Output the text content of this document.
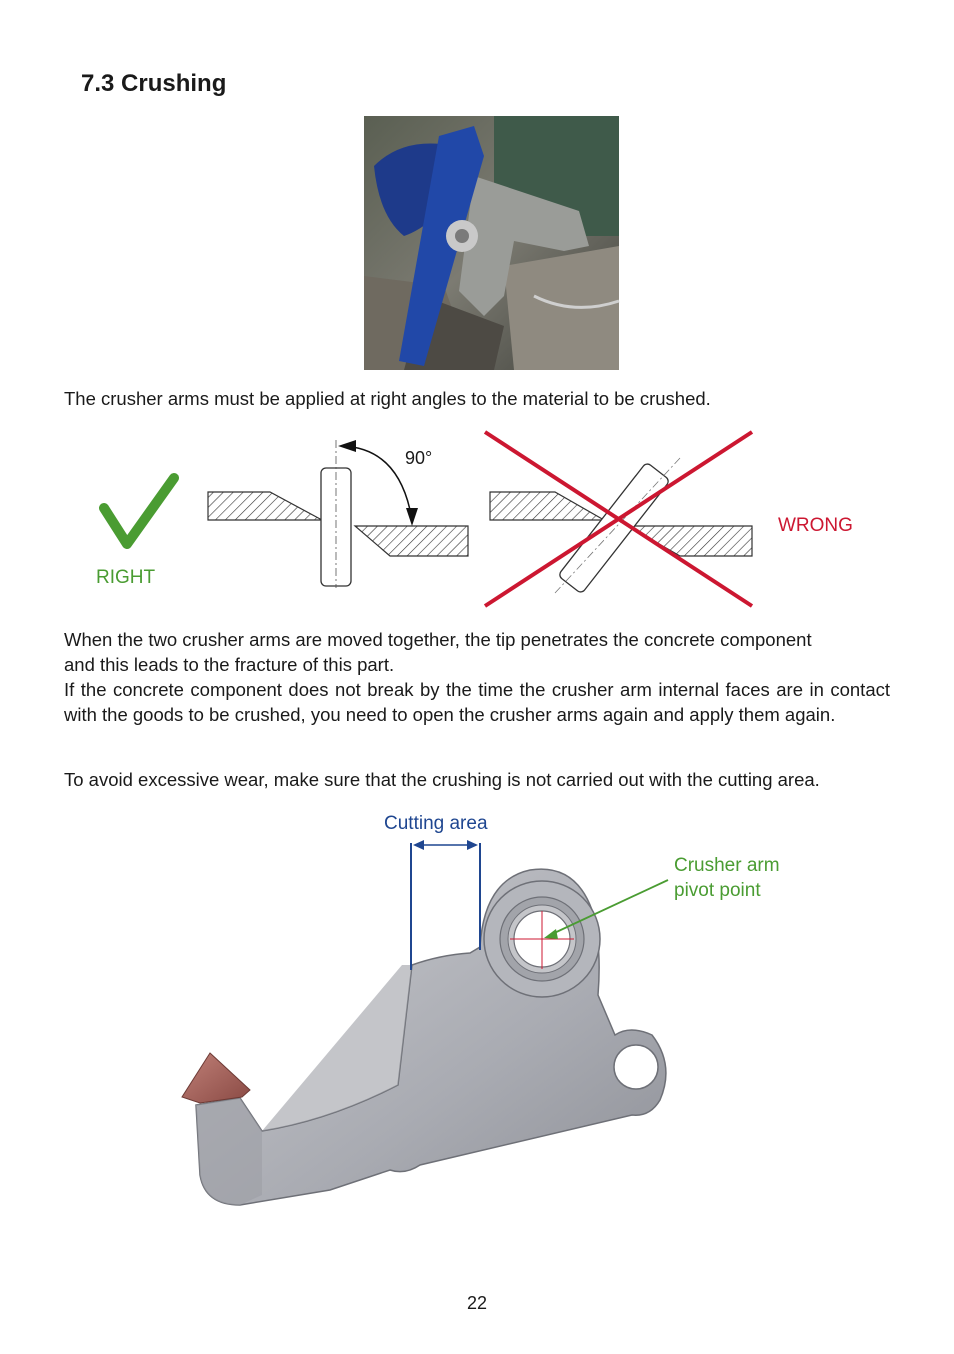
7.3 Crushing
The crusher arms must be applied at right angles to the material to be crushed.
90°
RIGHT
WRONG
When the two crusher arms are moved together, the tip penetrates the concrete component
and this leads to the fracture of this part.
If the concrete component does not break by the time the crusher arm internal faces are in contact with the goods to be crushed, you need to open the crusher arms again and apply them again.
To avoid excessive wear, make sure that the crushing is not carried out with the cutting area.
Cutting area
Crusher arm
pivot point
22
